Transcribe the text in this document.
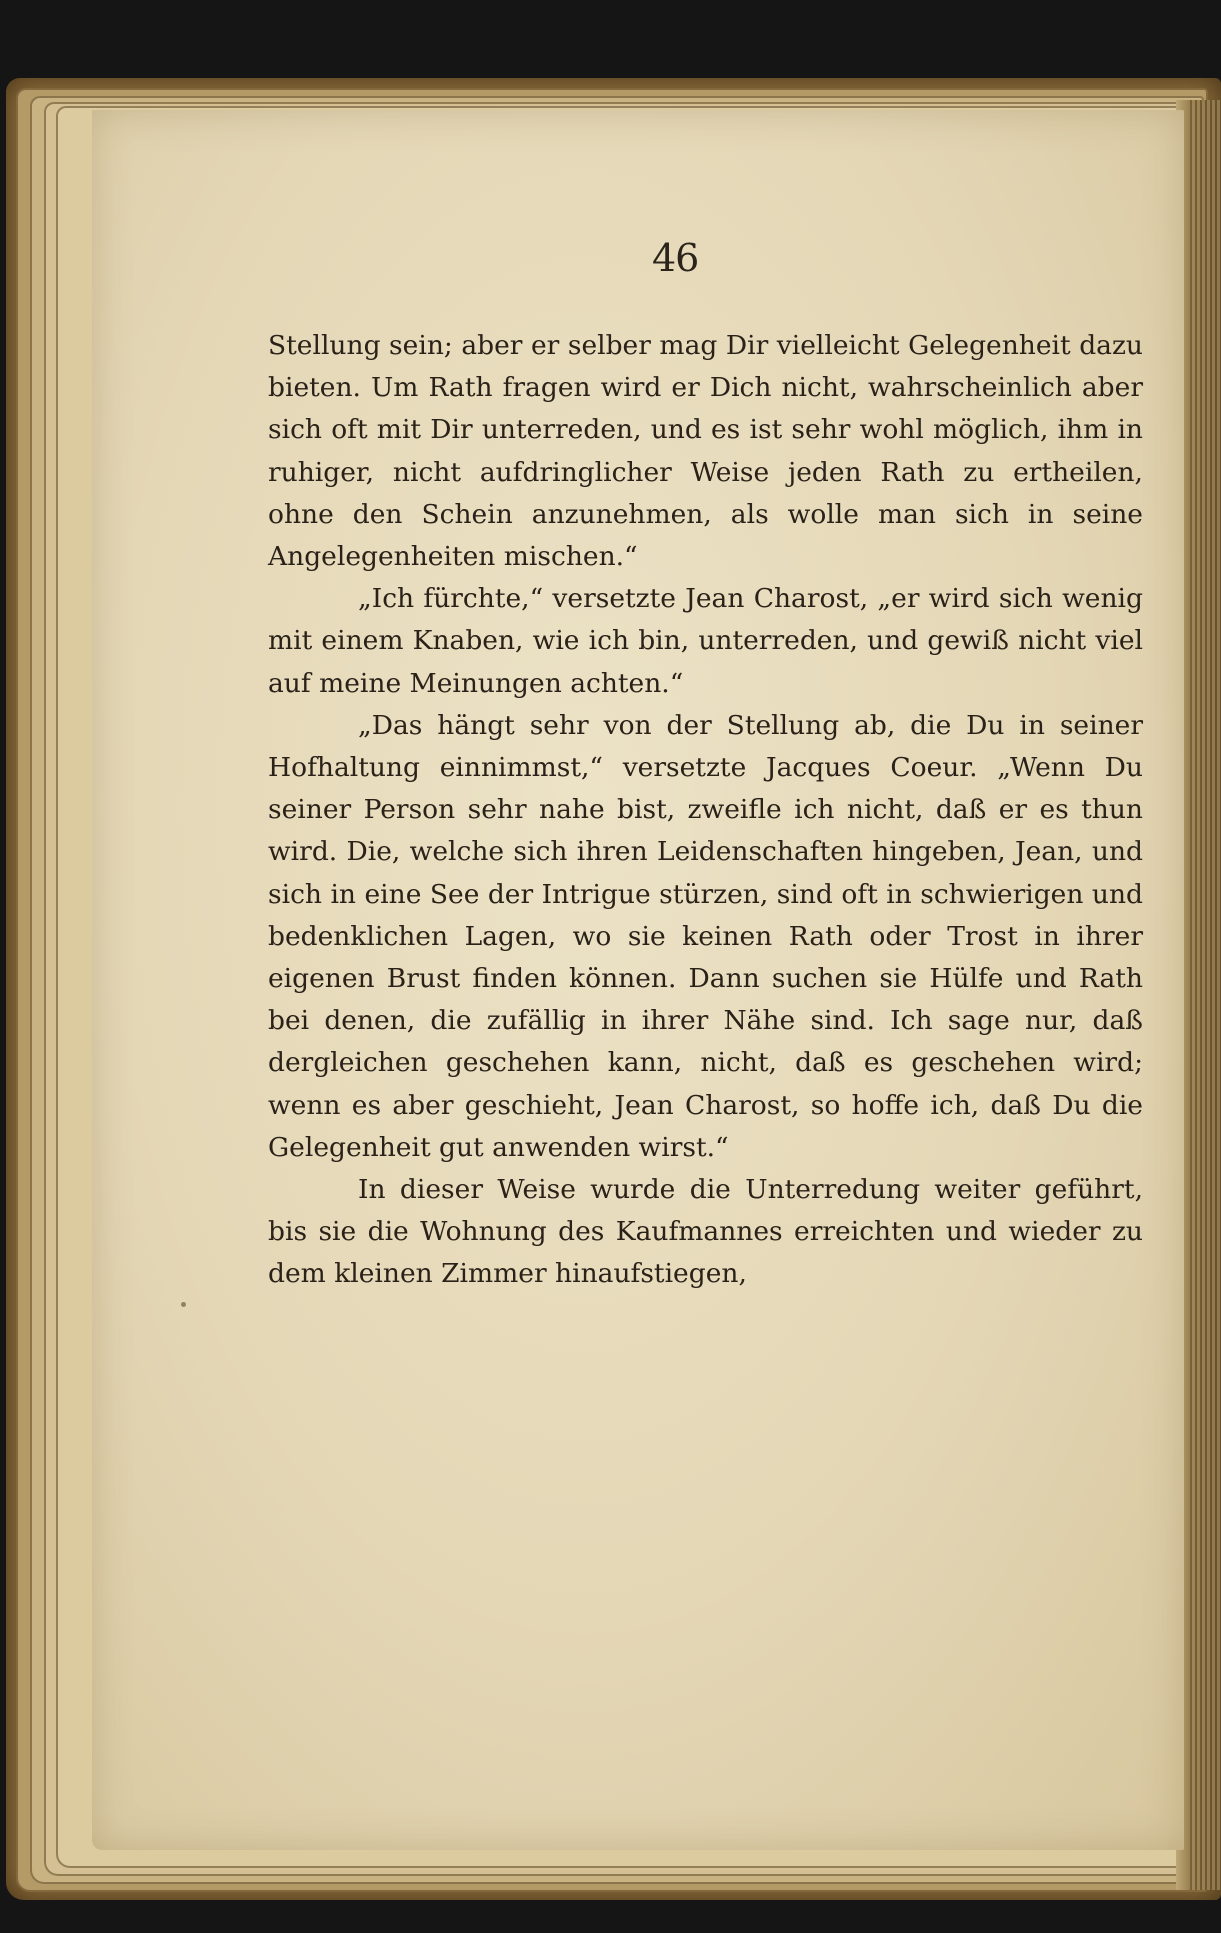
46

Stellung sein; aber er selber mag Dir vielleicht Gelegenheit dazu bieten. Um Rath fragen wird er Dich nicht, wahrscheinlich aber sich oft mit Dir unterreden, und es ist sehr wohl möglich, ihm in ruhiger, nicht aufdringlicher Weise jeden Rath zu ertheilen, ohne den Schein anzunehmen, als wolle man sich in seine Angelegenheiten mischen.“

„Ich fürchte,“ versetzte Jean Charost, „er wird sich wenig mit einem Knaben, wie ich bin, unterreden, und gewiß nicht viel auf meine Meinungen achten.“

„Das hängt sehr von der Stellung ab, die Du in seiner Hofhaltung einnimmst,“ versetzte Jacques Coeur. „Wenn Du seiner Person sehr nahe bist, zweifle ich nicht, daß er es thun wird. Die, welche sich ihren Leidenschaften hingeben, Jean, und sich in eine See der Intrigue stürzen, sind oft in schwierigen und bedenklichen Lagen, wo sie keinen Rath oder Trost in ihrer eigenen Brust finden können. Dann suchen sie Hülfe und Rath bei denen, die zufällig in ihrer Nähe sind. Ich sage nur, daß dergleichen geschehen kann, nicht, daß es geschehen wird; wenn es aber geschieht, Jean Charost, so hoffe ich, daß Du die Gelegenheit gut anwenden wirst.“

In dieser Weise wurde die Unterredung weiter geführt, bis sie die Wohnung des Kaufmannes erreichten und wieder zu dem kleinen Zimmer hinaufstiegen,
